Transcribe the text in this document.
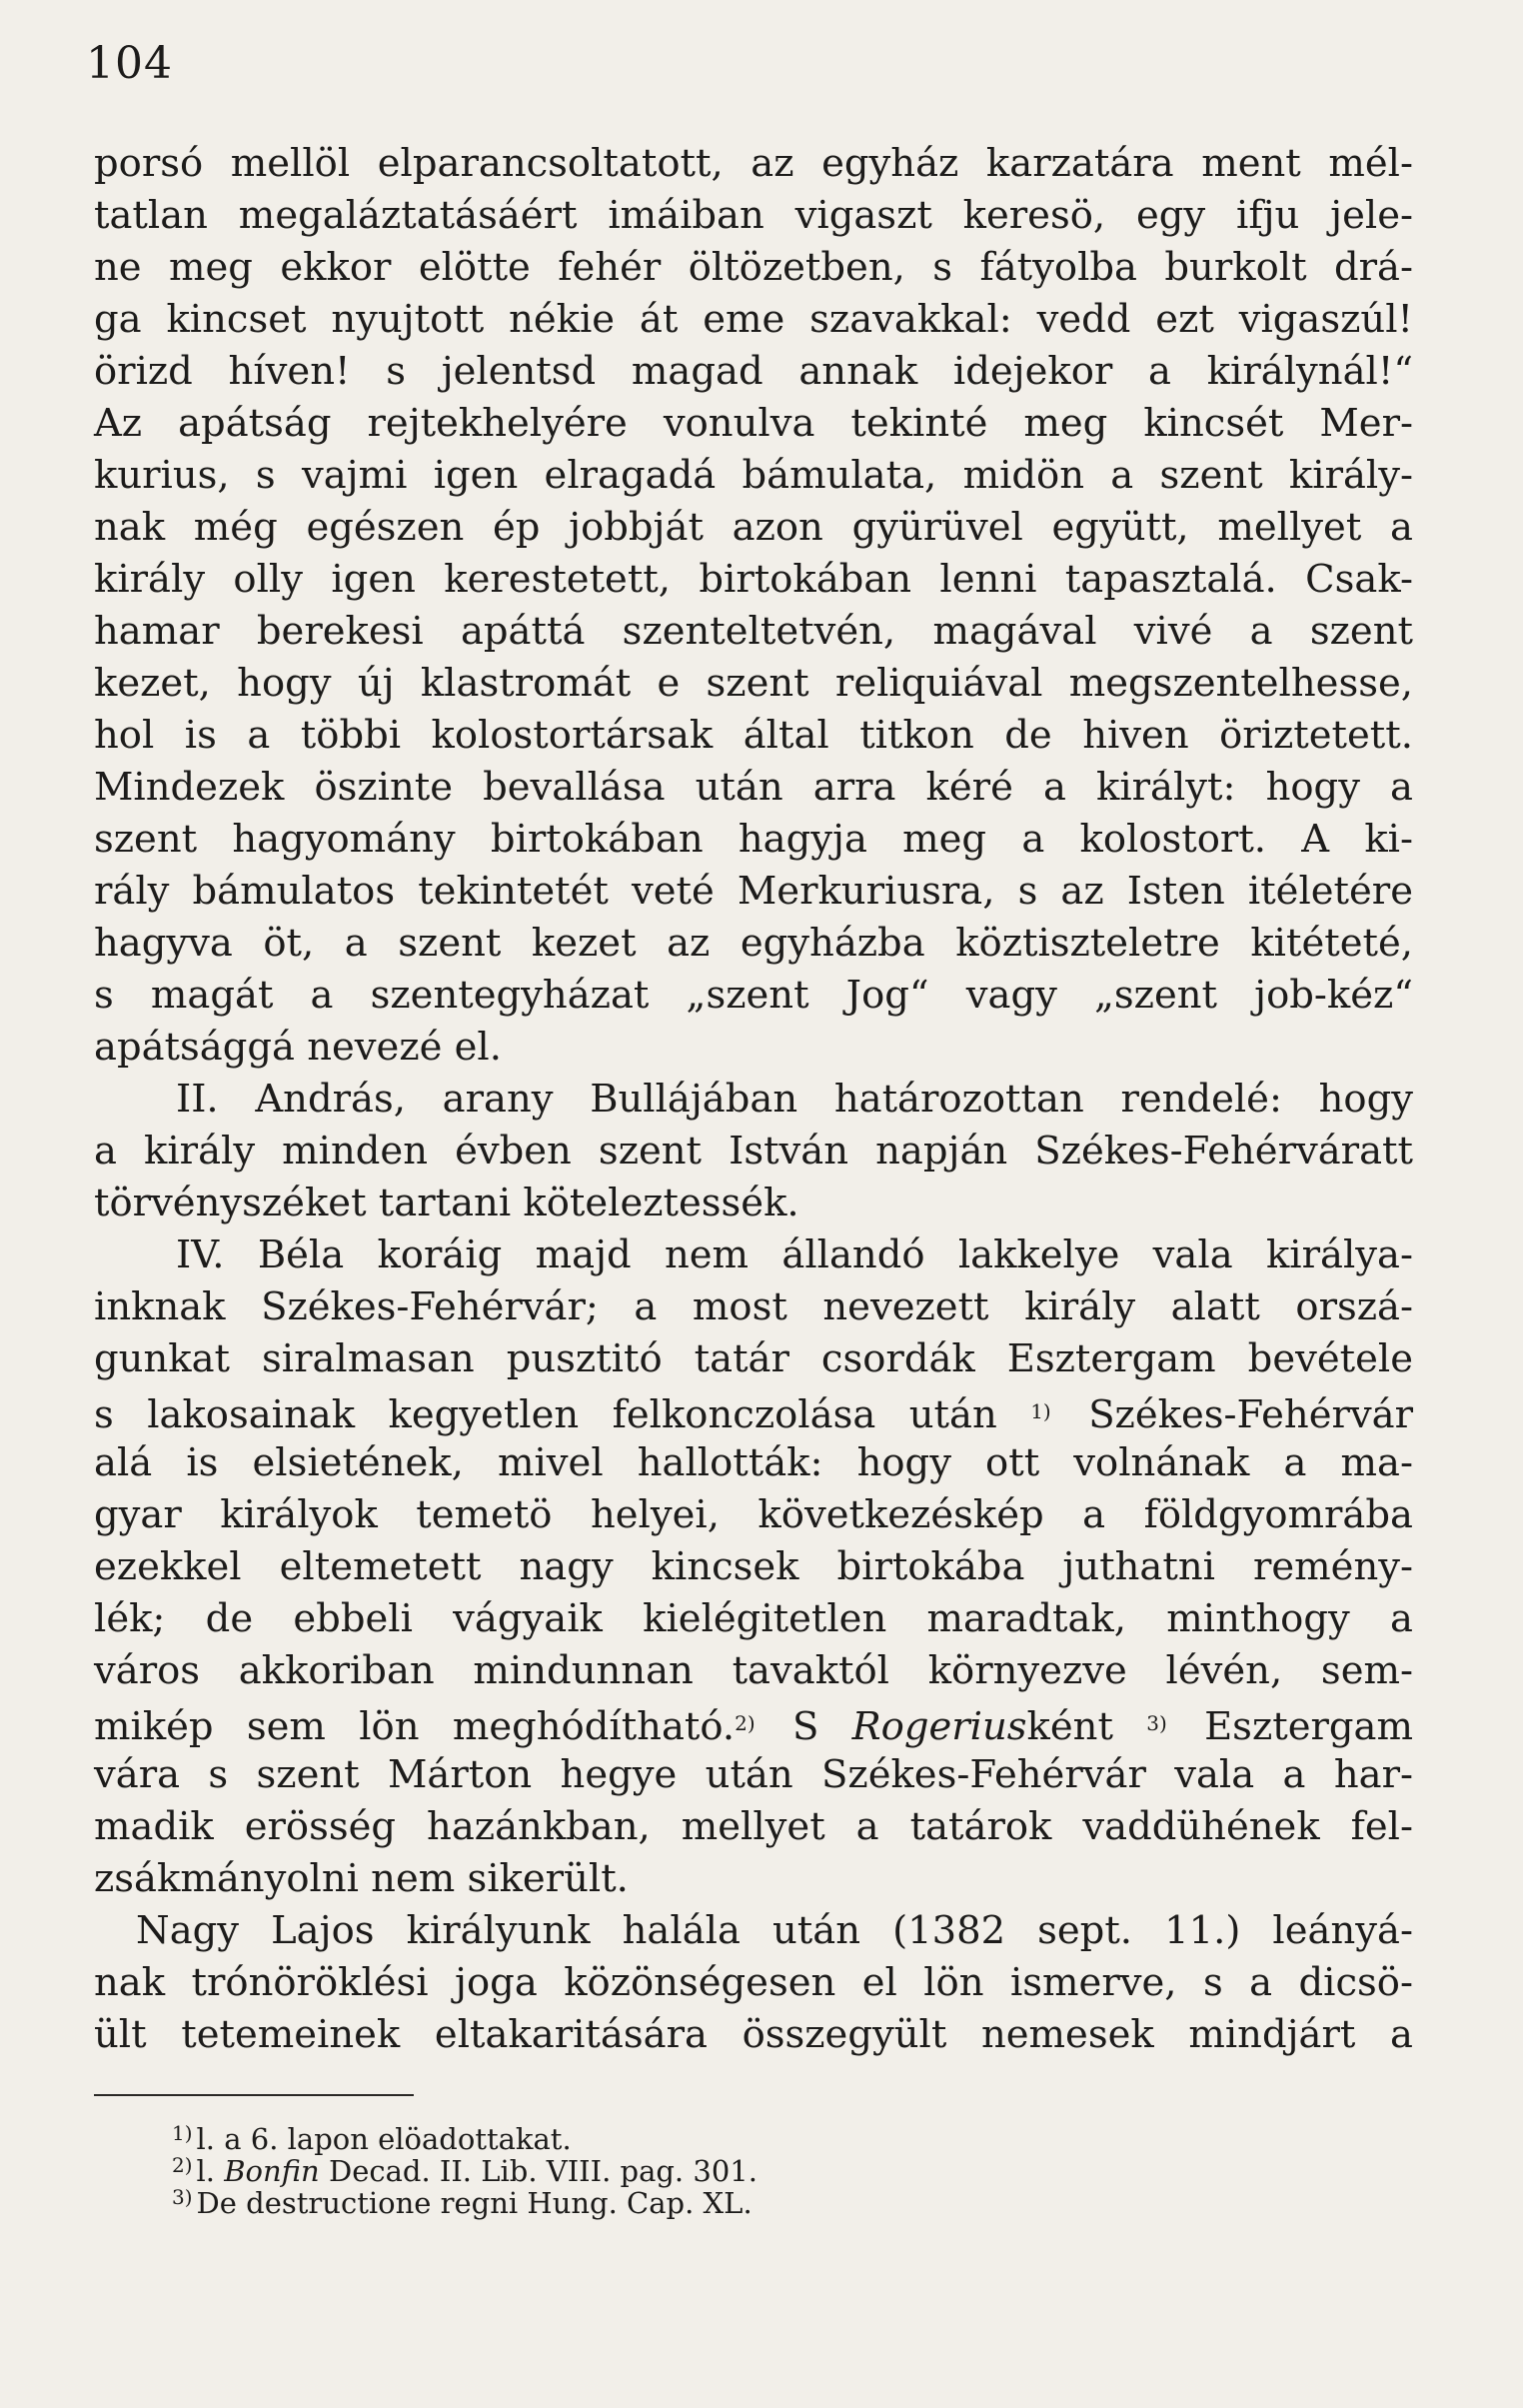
104
porsó mellöl elparancsoltatott, az egyház karzatára ment mél-
tatlan megaláztatásáért imáiban vigaszt keresö, egy ifju jele-
ne meg ekkor elötte fehér öltözetben, s fátyolba burkolt drá-
ga kincset nyujtott nékie át eme szavakkal: vedd ezt vigaszúl!
örizd híven! s jelentsd magad annak idejekor a királynál!“
Az apátság rejtekhelyére vonulva tekinté meg kincsét Mer-
kurius, s vajmi igen elragadá bámulata, midön a szent király-
nak még egészen ép jobbját azon gyürüvel együtt, mellyet a
király olly igen kerestetett, birtokában lenni tapasztalá. Csak-
hamar berekesi apáttá szenteltetvén, magával vivé a szent
kezet, hogy új klastromát e szent reliquiával megszentelhesse,
hol is a többi kolostortársak által titkon de hiven öriztetett.
Mindezek öszinte bevallása után arra kéré a királyt: hogy a
szent hagyomány birtokában hagyja meg a kolostort. A ki-
rály bámulatos tekintetét veté Merkuriusra, s az Isten itéletére
hagyva öt, a szent kezet az egyházba köztiszteletre kitéteté,
s magát a szentegyházat „szent Jog“ vagy „szent job-kéz“
apátsággá nevezé el.
II. András, arany Bullájában határozottan rendelé: hogy
a király minden évben szent István napján Székes-Fehérváratt
törvényszéket tartani köteleztessék.
IV. Béla koráig majd nem állandó lakkelye vala királya-
inknak Székes-Fehérvár; a most nevezett király alatt orszá-
gunkat siralmasan pusztitó tatár csordák Esztergam bevétele
s lakosainak kegyetlen felkonczolása után $^{1)}$ Székes-Fehérvár
alá is elsietének, mivel hallották: hogy ott volnának a ma-
gyar királyok temetö helyei, következéskép a földgyomrába
ezekkel eltemetett nagy kincsek birtokába juthatni remény-
lék; de ebbeli vágyaik kielégitetlen maradtak, minthogy a
város akkoriban mindunnan tavaktól környezve lévén, sem-
mikép sem lön meghódítható.$^{2)}$ S Rogeriusként $^{3)}$ Esztergam
vára s szent Márton hegye után Székes-Fehérvár vala a har-
madik erösség hazánkban, mellyet a tatárok vaddühének fel-
zsákmányolni nem sikerült.
Nagy Lajos királyunk halála után (1382 sept. 11.) leányá-
nak trónöröklési joga közönségesen el lön ismerve, s a dicsö-
ült tetemeinek eltakaritására összegyült nemesek mindjárt a
$^{1)}$ l. a 6. lapon elöadottakat.
$^{2)}$ l. Bonfin Decad. II. Lib. VIII. pag. 301.
$^{3)}$ De destructione regni Hung. Cap. XL.
